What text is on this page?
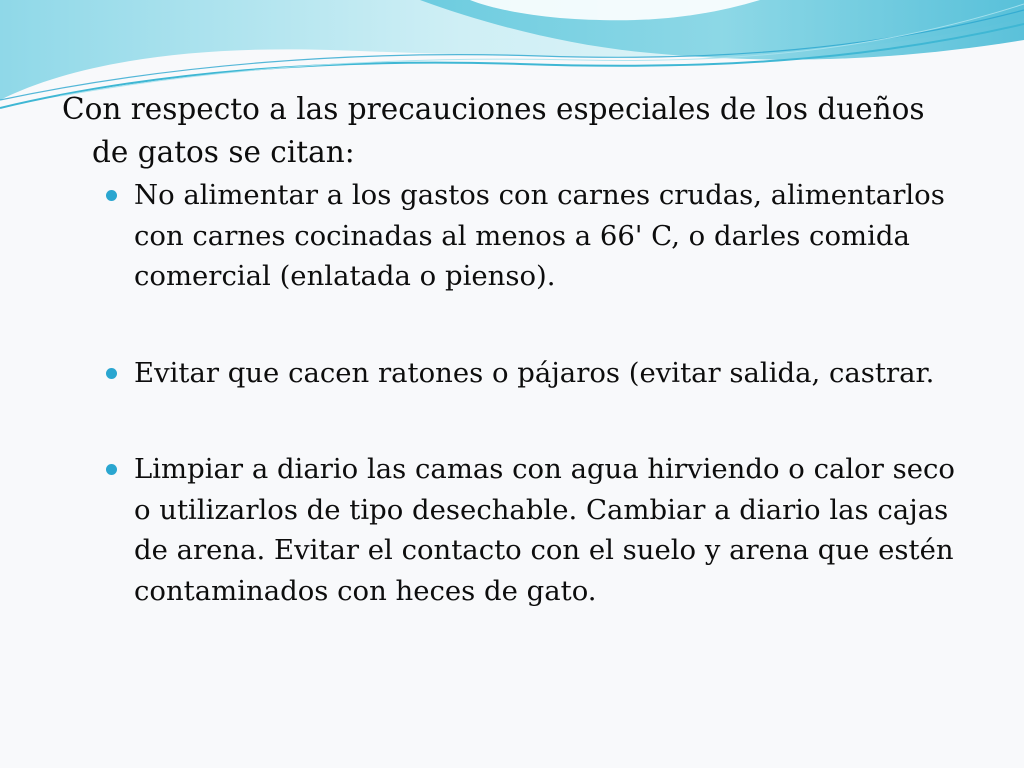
Con respecto a las precauciones especiales de los dueños de gatos se citan:

No alimentar a los gastos con carnes crudas, alimentarlos con carnes cocinadas al menos a 66' C, o darles comida comercial (enlatada o pienso).
Evitar que cacen ratones o pájaros (evitar salida, castrar.
Limpiar a diario las camas con agua hirviendo o calor seco o utilizarlos de tipo desechable. Cambiar a diario las cajas de arena. Evitar el contacto con el suelo y arena que estén contaminados con heces de gato.
